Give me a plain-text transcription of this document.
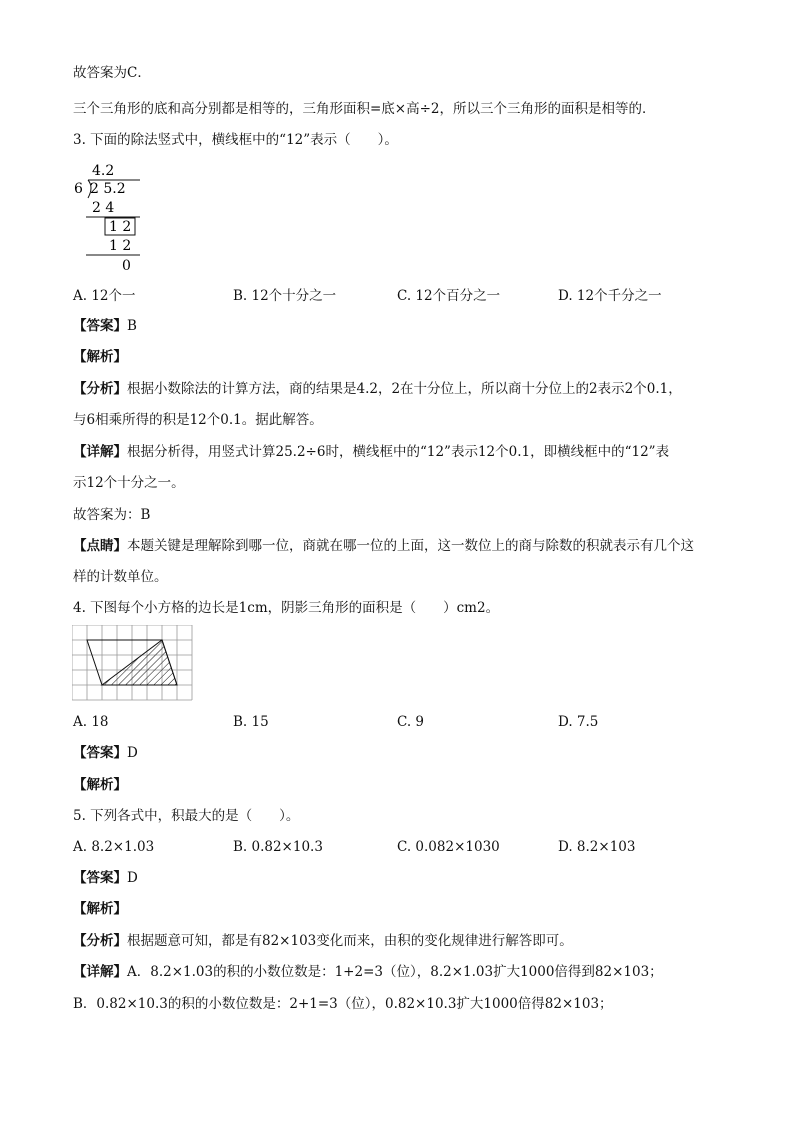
故答案为C．
三个三角形的底和高分别都是相等的，三角形面积=底×高÷2，所以三个三角形的面积是相等的．
3. 下面的除法竖式中，横线框中的“12”表示（　　）。
4.2
6 2 5.2
2 4
1 2
1 2
0
A. 12个一	B. 12个十分之一	C. 12个百分之一	D. 12个千分之一
【答案】B
【解析】
【分析】根据小数除法的计算方法，商的结果是4.2，2在十分位上，所以商十分位上的2表示2个0.1，
与6相乘所得的积是12个0.1。据此解答。
【详解】根据分析得，用竖式计算25.2÷6时，横线框中的“12”表示12个0.1，即横线框中的“12”表
示12个十分之一。
故答案为：B
【点睛】本题关键是理解除到哪一位，商就在哪一位的上面，这一数位上的商与除数的积就表示有几个这
样的计数单位。
4. 下图每个小方格的边长是1cm，阴影三角形的面积是（　　）cm2。
A. 18	B. 15	C. 9	D. 7.5
【答案】D
【解析】
5. 下列各式中，积最大的是（　　）。
A. 8.2×1.03	B. 0.82×10.3	C. 0.082×1030	D. 8.2×103
【答案】D
【解析】
【分析】根据题意可知，都是有82×103变化而来，由积的变化规律进行解答即可。
【详解】A．8.2×1.03的积的小数位数是：1+2=3（位），8.2×1.03扩大1000倍得到82×103；
B．0.82×10.3的积的小数位数是：2+1=3（位），0.82×10.3扩大1000倍得82×103；
